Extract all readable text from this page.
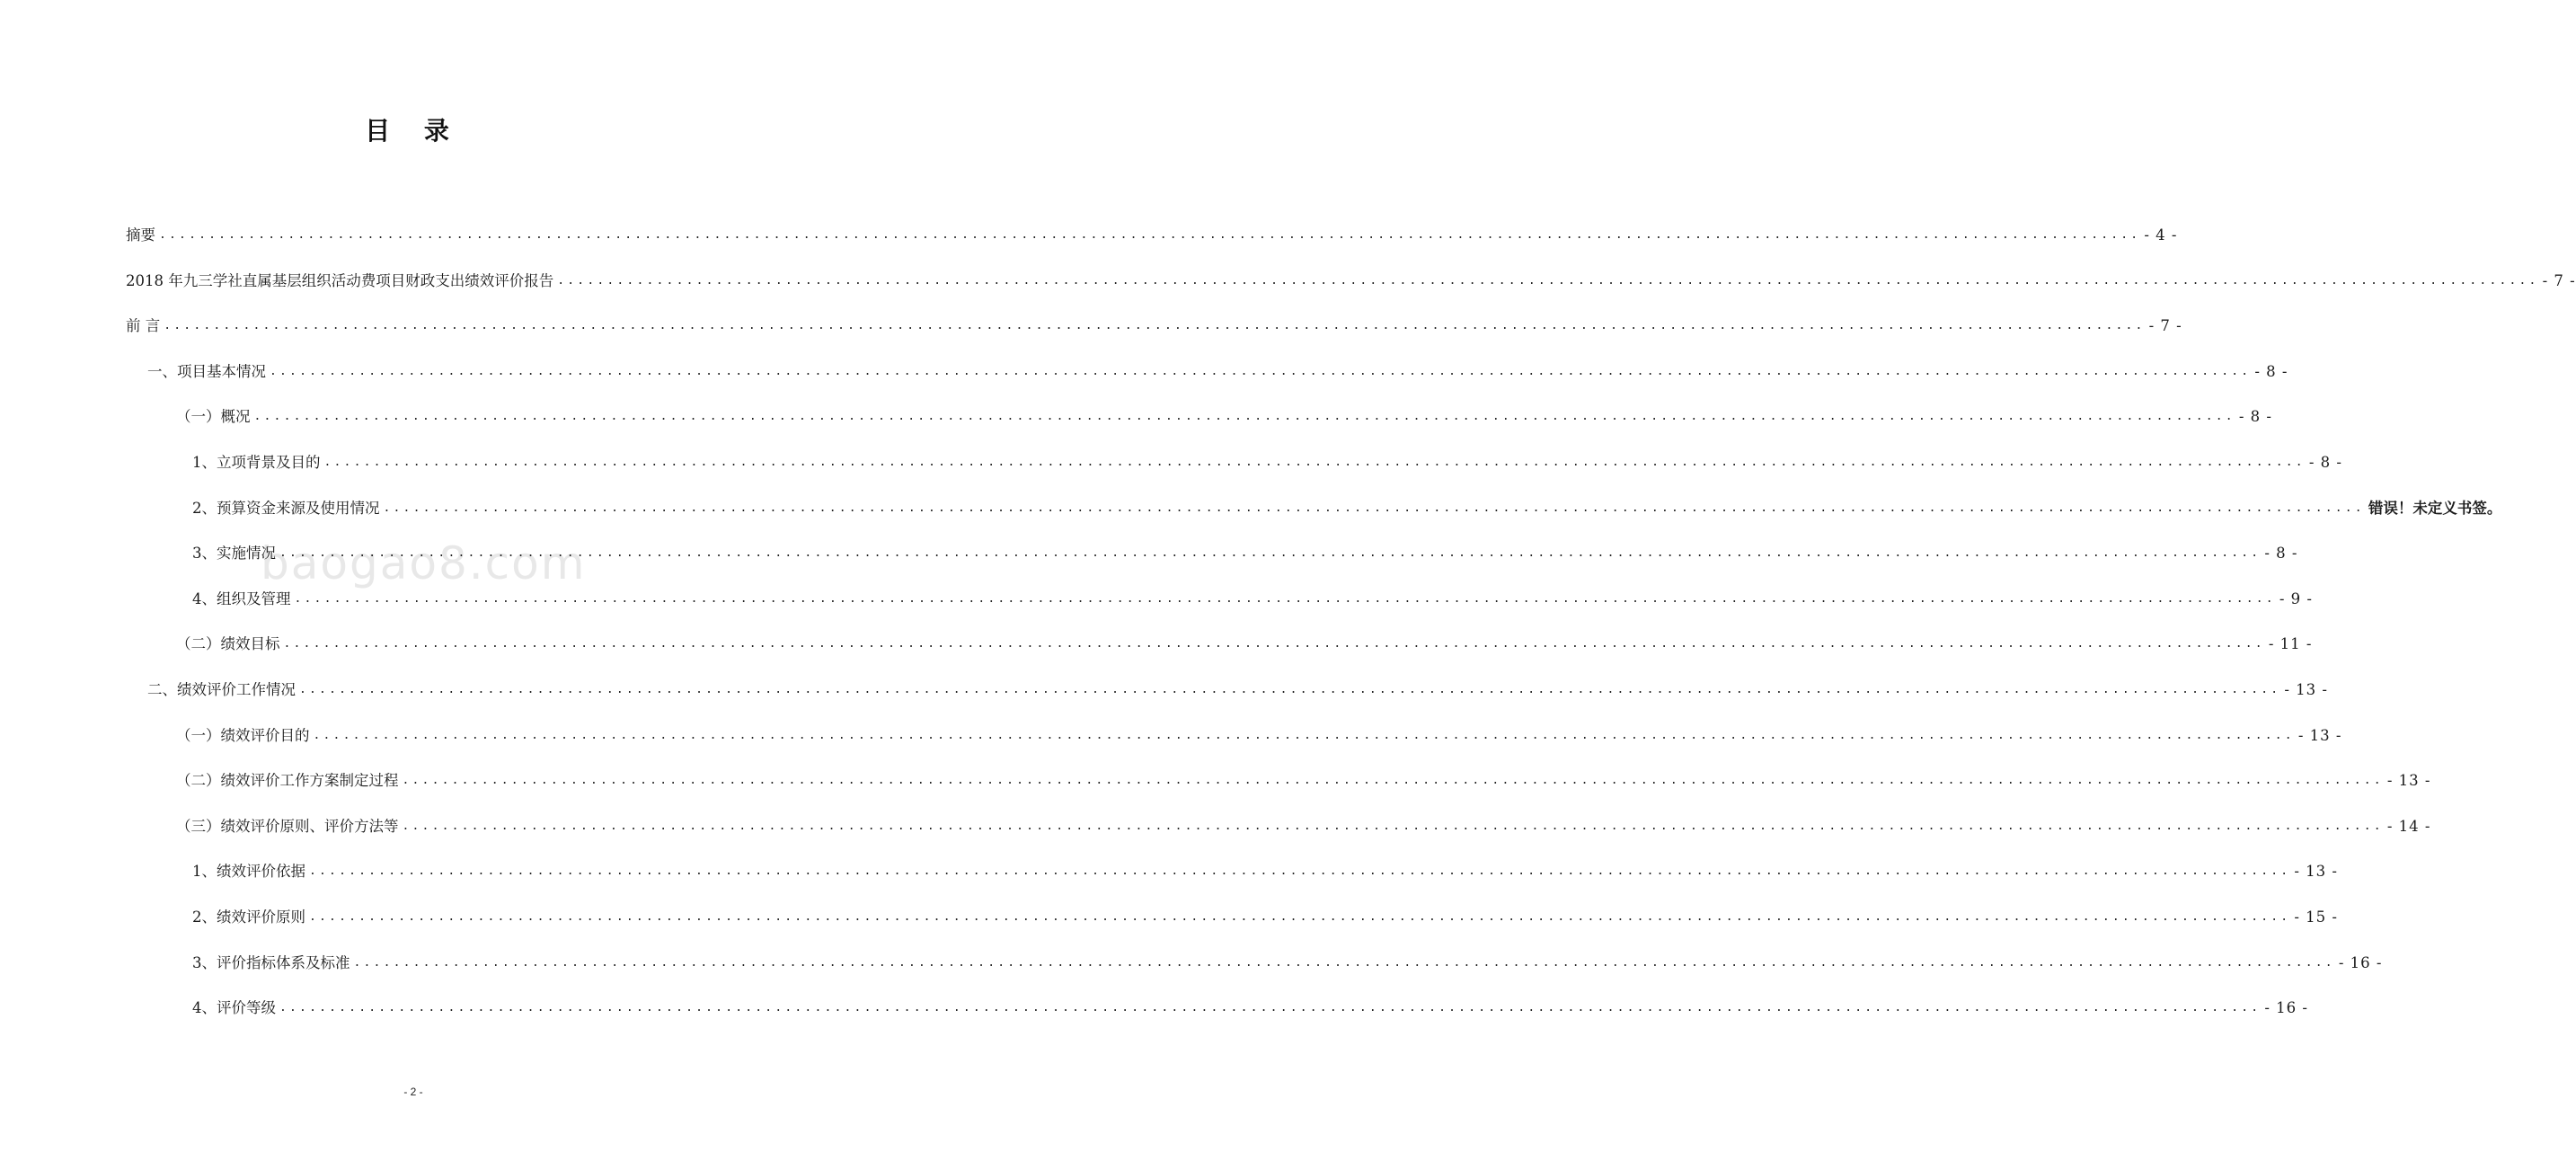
目 录
baogao8.com
摘要 ........................................................................................................................................................................................................ - 4 -
2018 年九三学社直属基层组织活动费项目财政支出绩效评价报告 ........................................................................................................................................................................................................ - 7 -
前 言 ........................................................................................................................................................................................................ - 7 -
一、项目基本情况 ........................................................................................................................................................................................................ - 8 -
（一）概况 ........................................................................................................................................................................................................ - 8 -
1、立项背景及目的 ........................................................................................................................................................................................................ - 8 -
2、预算资金来源及使用情况 ........................................................................................................................................................................................................ 错误！未定义书签。
3、实施情况 ........................................................................................................................................................................................................ - 8 -
4、组织及管理 ........................................................................................................................................................................................................ - 9 -
（二）绩效目标 ........................................................................................................................................................................................................ - 11 -
二、绩效评价工作情况 ........................................................................................................................................................................................................ - 13 -
（一）绩效评价目的 ........................................................................................................................................................................................................ - 13 -
（二）绩效评价工作方案制定过程 ........................................................................................................................................................................................................ - 13 -
（三）绩效评价原则、评价方法等 ........................................................................................................................................................................................................ - 14 -
1、绩效评价依据 ........................................................................................................................................................................................................ - 13 -
2、绩效评价原则 ........................................................................................................................................................................................................ - 15 -
3、评价指标体系及标准 ........................................................................................................................................................................................................ - 16 -
4、评价等级 ........................................................................................................................................................................................................ - 16 -
- 2 -
